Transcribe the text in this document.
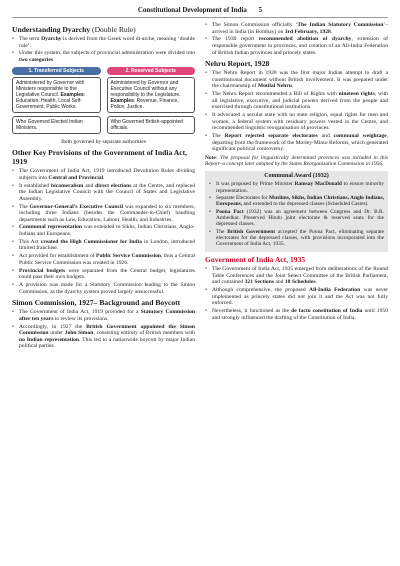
Constitutional Development of India 5
Understanding Dyarchy (Double Rule)
• The term Dyarchy is derived from the Greek word di-arche, meaning ‘double rule’.
• Under this system, the subjects of provincial administration were divided into two categories
1. Transferred Subjects
Administered by Governor with Ministers responsible to the Legislative Council. Examples: Education, Health, Local Self-Government, Public Works.
Who Governed Elected Indian Ministers.
2. Reserved Subjects
Administered by Governor and Executive Council without any responsibility to the Legislature. Examples: Revenue, Finance, Police, Justice.
Who Governed British-appointed officials.
Both governed by separate authorities
Other Key Provisions of the Government of India Act, 1919
• The Government of India Act, 1919 introduced Devolution Rules dividing subjects into Central and Provincial.
• It established bicameralism and direct elections at the Centre, and replaced the Indian Legislative Council with the Council of States and Legislative Assembly.
• The Governor-General’s Executive Council was expanded to six members, including three Indians (besides the Commander-in-Chief) handling departments such as Law, Education, Labour, Health, and Industries.
• Communal representation was extended to Sikhs, Indian Christians, Anglo-Indians and Europeans.
• This Act created the High Commissioner for India in London, introduced limited franchise.
• Act provided for establishment of Public Service Commission, thus a Central Public Service Commission was created in 1926.
• Provincial budgets were separated from the Central budget, legislatures could pass their own budgets.
• A provision was made for a Statutory Commission leading to the Simon Commission, as the dyarchy system proved largely unsuccessful.
Simon Commission, 1927– Background and Boycott
• The Government of India Act, 1919 provided for a Statutory Commission after ten years to review its provisions.
• Accordingly, in 1927 the British Government appointed the Simon Commission under John Simon, consisting entirely of British members with no Indian representation. This led to a nationwide boycott by major Indian political parties.
• The Simon Commission officially ‘The Indian Statutory Commission’–arrived in India (in Bombay) on 3rd February, 1928.
• The 1930 report recommended abolition of dyarchy, extension of responsible government in provinces, and creation of an All-India Federation of British Indian provinces and princely states.
Nehru Report, 1928
• The Nehru Report in 1928 was the first major Indian attempt to draft a constitutional document without British involvement. It was prepared under the chairmanship of Motilal Nehru.
• The Nehru Report recommended a Bill of Rights with nineteen rights, with all legislative, executive, and judicial powers derived from the people and exercised through constitutional institutions.
• It advocated a secular state with no state religion, equal rights for men and women, a federal system with residuary powers vested in the Centre, and recommended linguistic reorganisation of provinces.
• The Report rejected separate electorates and communal weightage, departing from the framework of the Morley-Minto Reforms, which generated significant political controversy.
Note: The proposal for linguistically determined provinces was included in this Report–a concept later adopted by the States Reorganization Commission in 1956.
Communal Award (1932)
• It was proposed by Prime Minister Ramsay MacDonald to ensure minority representation.
• Separate Electorates for Muslims, Sikhs, Indian Christians, Anglo Indians, Europeans, and extended to the depressed classes (Scheduled Castes).
• Poona Pact (1932) was an agreement between Congress and Dr. B.R. Ambedkar. Preserved Hindu joint electorate & reserved seats for the depressed classes.
• The British Government accepted the Poona Pact, eliminating separate electorates for the depressed classes, with provisions incorporated into the Government of India Act, 1935.
Government of India Act, 1935
• The Government of India Act, 1935 emerged from deliberations of the Round Table Conferences and the Joint Select Committee of the British Parliament, and contained 321 Sections and 10 Schedules.
• Although comprehensive, the proposed All-India Federation was never implemented as princely states did not join it and the Act was not fully enforced.
• Nevertheless, it functioned as the de facto constitution of India until 1950 and strongly influenced the drafting of the Constitution of India.
